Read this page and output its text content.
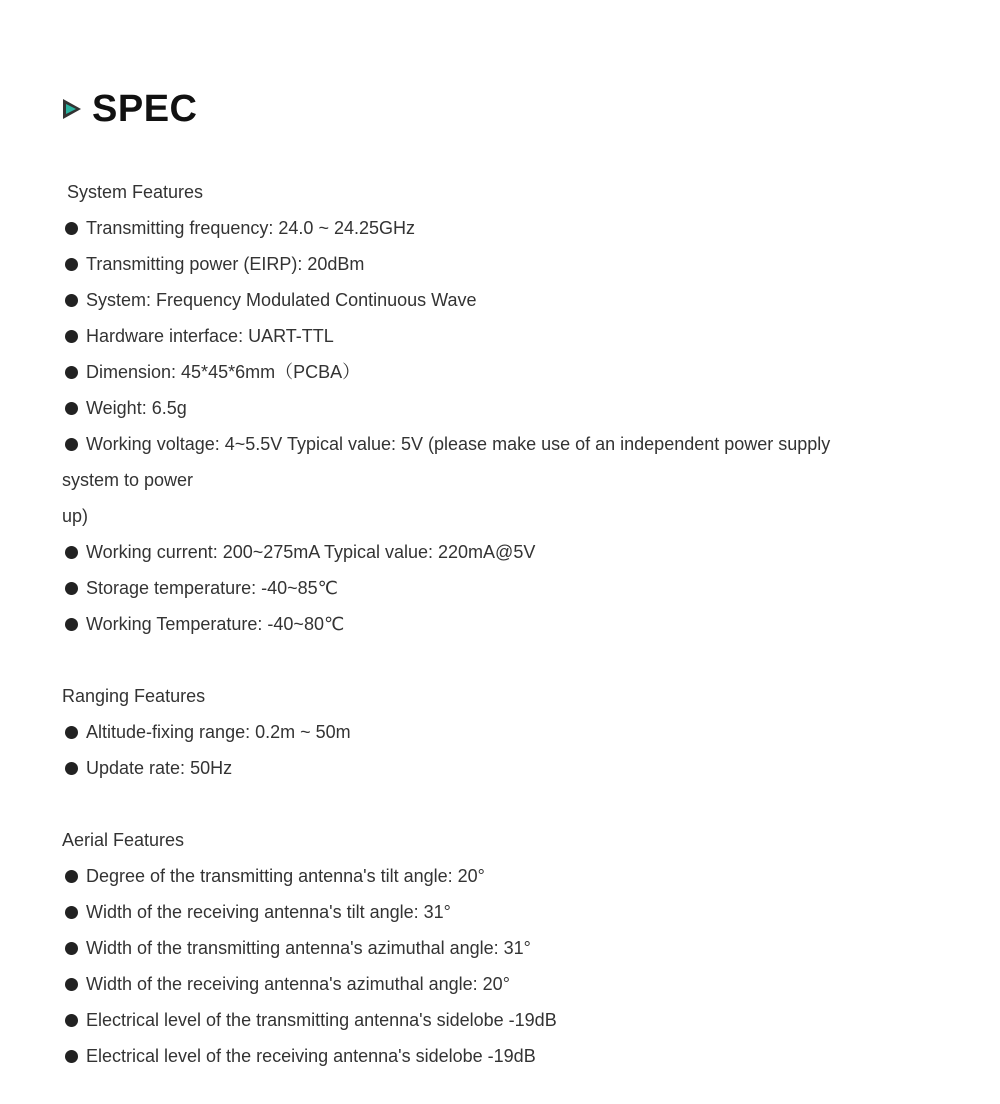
SPEC
System Features
Transmitting frequency: 24.0 ~ 24.25GHz
Transmitting power (EIRP): 20dBm
System: Frequency Modulated Continuous Wave
Hardware interface: UART-TTL
Dimension: 45*45*6mm（PCBA）
Weight: 6.5g
Working voltage: 4~5.5V Typical value: 5V (please make use of an independent power supply
system to power
up)
Working current: 200~275mA Typical value: 220mA@5V
Storage temperature: -40~85℃
Working Temperature: -40~80℃
Ranging Features
Altitude-fixing range: 0.2m ~ 50m
Update rate: 50Hz
Aerial Features
Degree of the transmitting antenna's tilt angle: 20°
Width of the receiving antenna's tilt angle: 31°
Width of the transmitting antenna's azimuthal angle: 31°
Width of the receiving antenna's azimuthal angle: 20°
Electrical level of the transmitting antenna's sidelobe -19dB
Electrical level of the receiving antenna's sidelobe -19dB
